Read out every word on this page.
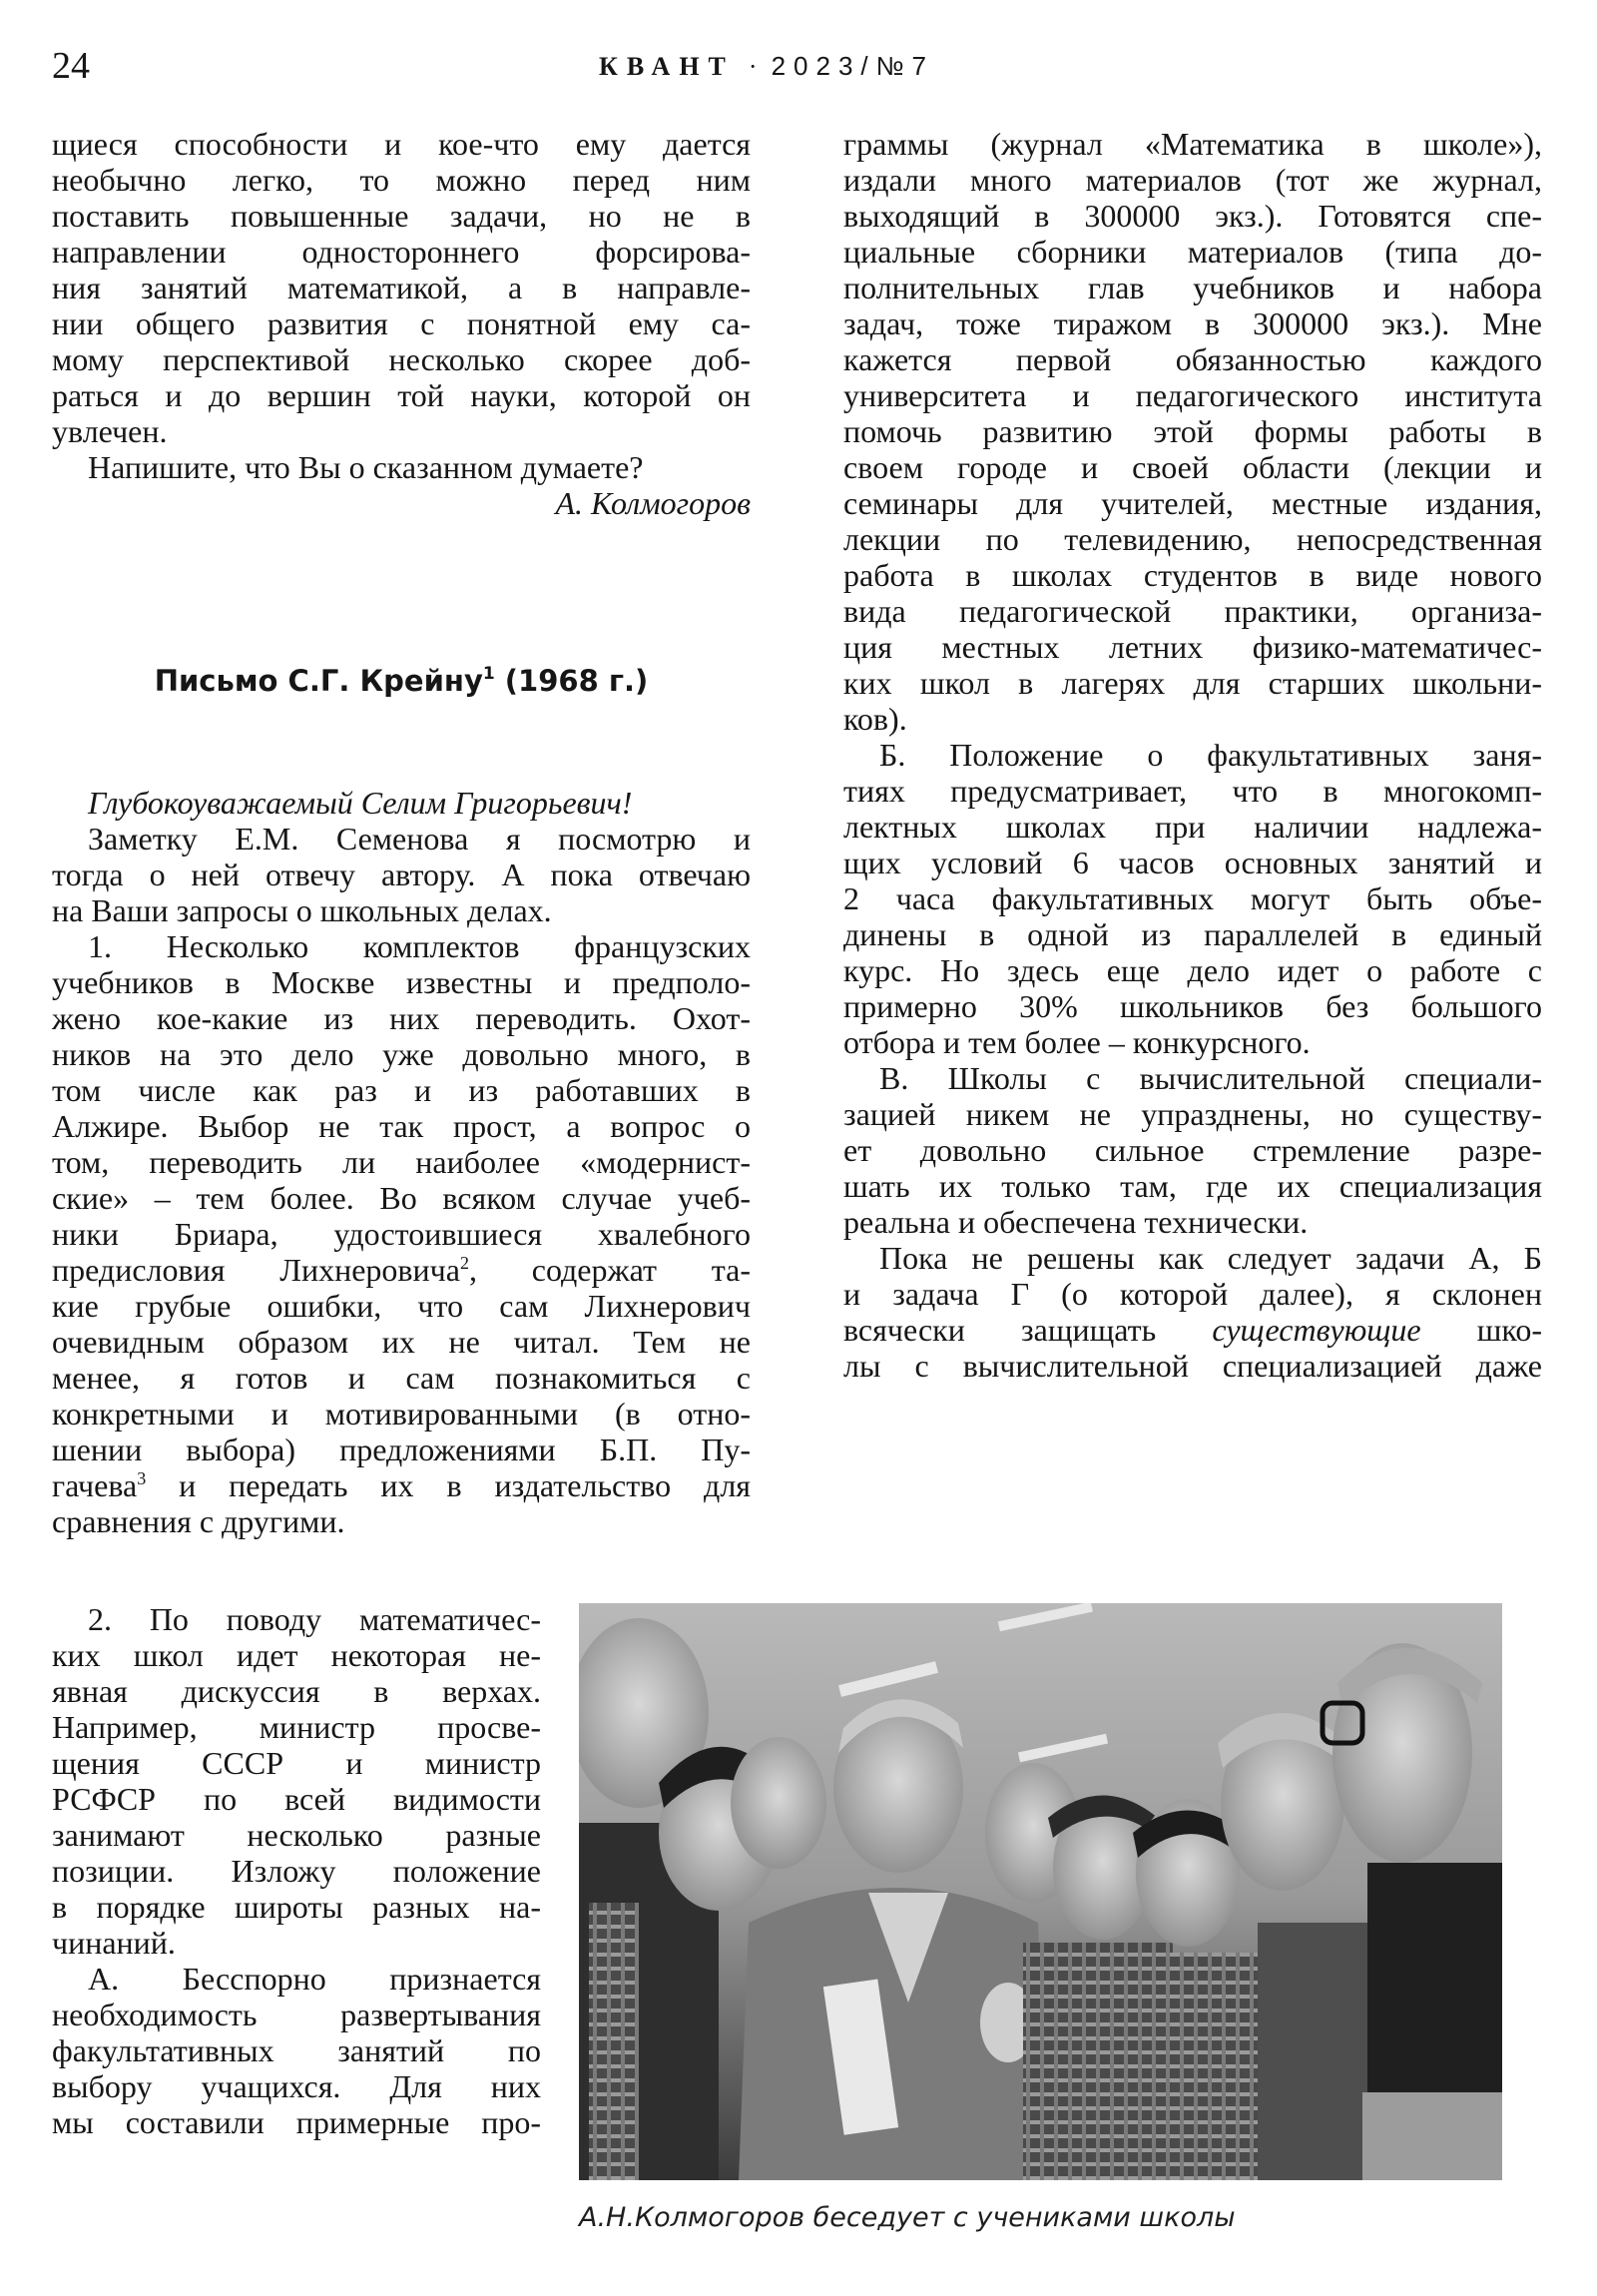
24	КВАНТ · 2023/№7
щиеся способности и кое-что ему дается
необычно легко, то можно перед ним
поставить повышенные задачи, но не в
направлении одностороннего форсирова-
ния занятий математикой, а в направле-
нии общего развития с понятной ему са-
мому перспективой несколько скорее доб-
раться и до вершин той науки, которой он
увлечен.
Напишите, что Вы о сказанном думаете?
А. Колмогоров
Письмо С.Г. Крейну$^1$ (1968 г.)
Глубокоуважаемый Селим Григорьевич!
Заметку Е.М. Семенова я посмотрю и
тогда о ней отвечу автору. А пока отвечаю
на Ваши запросы о школьных делах.
1. Несколько комплектов французских
учебников в Москве известны и предполо-
жено кое-какие из них переводить. Охот-
ников на это дело уже довольно много, в
том числе как раз и из работавших в
Алжире. Выбор не так прост, а вопрос о
том, переводить ли наиболее «модернист-
ские» – тем более. Во всяком случае учеб-
ники Бриара, удостоившиеся хвалебного
предисловия Лихнеровича$^2$, содержат та-
кие грубые ошибки, что сам Лихнерович
очевидным образом их не читал. Тем не
менее, я готов и сам познакомиться с
конкретными и мотивированными (в отно-
шении выбора) предложениями Б.П. Пу-
гачева$^3$ и передать их в издательство для
сравнения с другими.
2. По поводу математичес-
ких школ идет некоторая не-
явная дискуссия в верхах.
Например, министр просве-
щения СССР и министр
РСФСР по всей видимости
занимают несколько разные
позиции. Изложу положение
в порядке широты разных на-
чинаний.
А. Бесспорно признается
необходимость развертывания
факультативных занятий по
выбору учащихся. Для них
мы составили примерные про-
граммы (журнал «Математика в школе»),
издали много материалов (тот же журнал,
выходящий в 300000 экз.). Готовятся спе-
циальные сборники материалов (типа до-
полнительных глав учебников и набора
задач, тоже тиражом в 300000 экз.). Мне
кажется первой обязанностью каждого
университета и педагогического института
помочь развитию этой формы работы в
своем городе и своей области (лекции и
семинары для учителей, местные издания,
лекции по телевидению, непосредственная
работа в школах студентов в виде нового
вида педагогической практики, организа-
ция местных летних физико-математичес-
ких школ в лагерях для старших школьни-
ков).
Б. Положение о факультативных заня-
тиях предусматривает, что в многокомп-
лектных школах при наличии надлежа-
щих условий 6 часов основных занятий и
2 часа факультативных могут быть объе-
динены в одной из параллелей в единый
курс. Но здесь еще дело идет о работе с
примерно 30% школьников без большого
отбора и тем более – конкурсного.
В. Школы с вычислительной специали-
зацией никем не упразднены, но существу-
ет довольно сильное стремление разре-
шать их только там, где их специализация
реальна и обеспечена технически.
Пока не решены как следует задачи А, Б
и задача Г (о которой далее), я склонен
всячески защищать существующие шко-
лы с вычислительной специализацией даже
А.Н.Колмогоров беседует с учениками школы
